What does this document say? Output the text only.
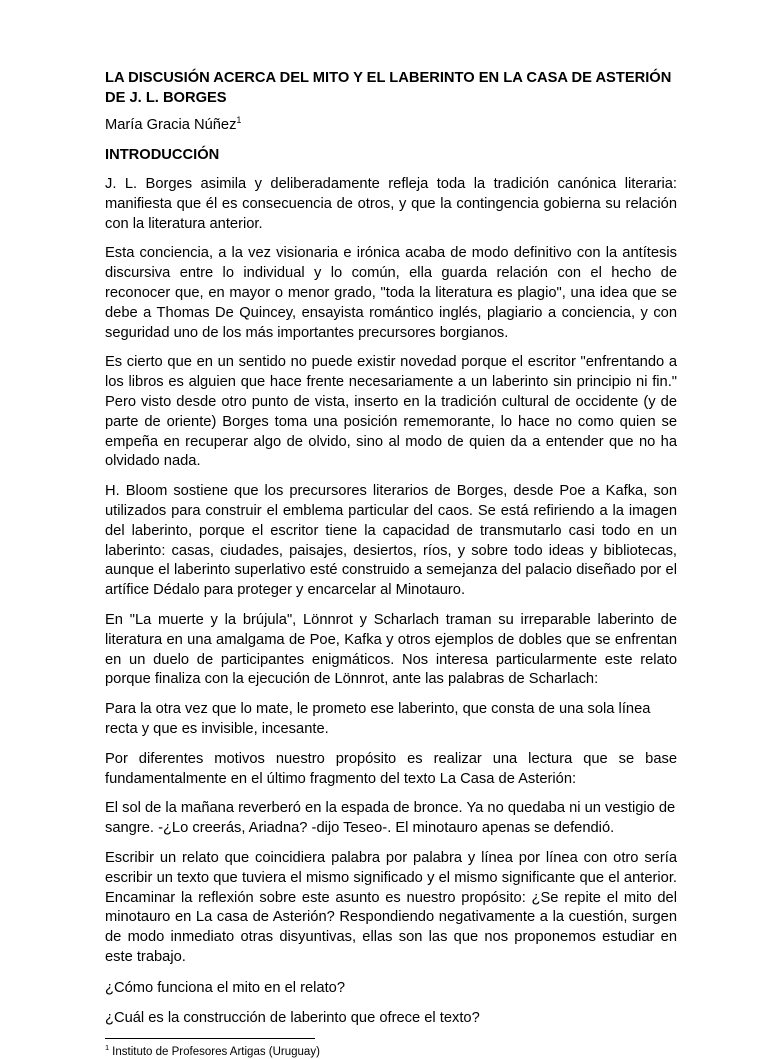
LA DISCUSIÓN ACERCA DEL MITO Y EL LABERINTO EN LA CASA DE ASTERIÓN DE J. L. BORGES

María Gracia Núñez$^1$

INTRODUCCIÓN

J. L. Borges asimila y deliberadamente refleja toda la tradición canónica literaria: manifiesta que él es consecuencia de otros, y que la contingencia gobierna su relación con la literatura anterior.

Esta conciencia, a la vez visionaria e irónica acaba de modo definitivo con la antítesis discursiva entre lo individual y lo común, ella guarda relación con el hecho de reconocer que, en mayor o menor grado, "toda la literatura es plagio", una idea que se debe a Thomas De Quincey, ensayista romántico inglés, plagiario a conciencia, y con seguridad uno de los más importantes precursores borgianos.

Es cierto que en un sentido no puede existir novedad porque el escritor "enfrentando a los libros es alguien que hace frente necesariamente a un laberinto sin principio ni fin." Pero visto desde otro punto de vista, inserto en la tradición cultural de occidente (y de parte de oriente) Borges toma una posición rememorante, lo hace no como quien se empeña en recuperar algo de olvido, sino al modo de quien da a entender que no ha olvidado nada.

H. Bloom sostiene que los precursores literarios de Borges, desde Poe a Kafka, son utilizados para construir el emblema particular del caos. Se está refiriendo a la imagen del laberinto, porque el escritor tiene la capacidad de transmutarlo casi todo en un laberinto: casas, ciudades, paisajes, desiertos, ríos, y sobre todo ideas y bibliotecas, aunque el laberinto superlativo esté construido a semejanza del palacio diseñado por el artífice Dédalo para proteger y encarcelar al Minotauro.

En "La muerte y la brújula", Lönnrot y Scharlach traman su irreparable laberinto de literatura en una amalgama de Poe, Kafka y otros ejemplos de dobles que se enfrentan en un duelo de participantes enigmáticos. Nos interesa particularmente este relato porque finaliza con la ejecución de Lönnrot, ante las palabras de Scharlach:

Para la otra vez que lo mate, le prometo ese laberinto, que consta de una sola línea recta y que es invisible, incesante.

Por diferentes motivos nuestro propósito es realizar una lectura que se base fundamentalmente en el último fragmento del texto La Casa de Asterión:

El sol de la mañana reverberó en la espada de bronce. Ya no quedaba ni un vestigio de sangre. -¿Lo creerás, Ariadna? -dijo Teseo-. El minotauro apenas se defendió.

Escribir un relato que coincidiera palabra por palabra y línea por línea con otro sería escribir un texto que tuviera el mismo significado y el mismo significante que el anterior. Encaminar la reflexión sobre este asunto es nuestro propósito: ¿Se repite el mito del minotauro en La casa de Asterión? Respondiendo negativamente a la cuestión, surgen de modo inmediato otras disyuntivas, ellas son las que nos proponemos estudiar en este trabajo.

¿Cómo funciona el mito en el relato?

¿Cuál es la construcción de laberinto que ofrece el texto?

$^1$ Instituto de Profesores Artigas (Uruguay)
